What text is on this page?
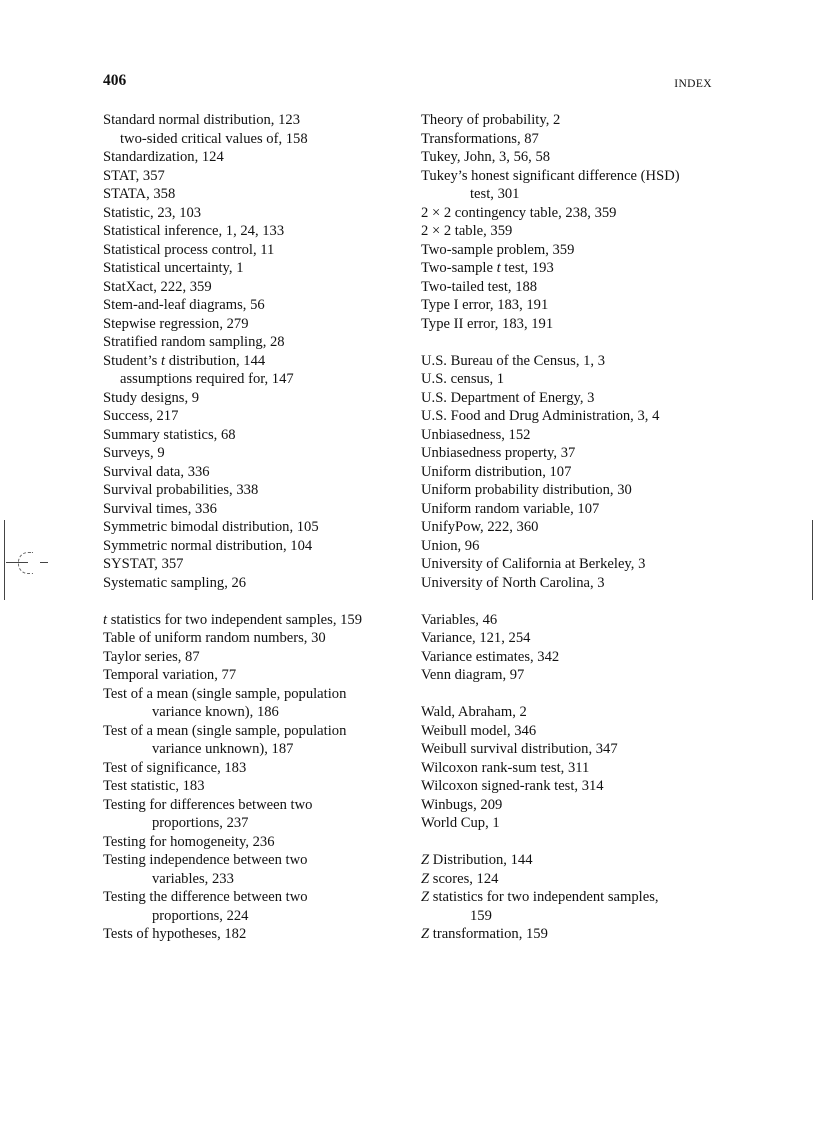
406	INDEX
Standard normal distribution, 123
two-sided critical values of, 158
Standardization, 124
STAT, 357
STATA, 358
Statistic, 23, 103
Statistical inference, 1, 24, 133
Statistical process control, 11
Statistical uncertainty, 1
StatXact, 222, 359
Stem-and-leaf diagrams, 56
Stepwise regression, 279
Stratified random sampling, 28
Student’s t distribution, 144
assumptions required for, 147
Study designs, 9
Success, 217
Summary statistics, 68
Surveys, 9
Survival data, 336
Survival probabilities, 338
Survival times, 336
Symmetric bimodal distribution, 105
Symmetric normal distribution, 104
SYSTAT, 357
Systematic sampling, 26
t statistics for two independent samples, 159
Table of uniform random numbers, 30
Taylor series, 87
Temporal variation, 77
Test of a mean (single sample, population
variance known), 186
Test of a mean (single sample, population
variance unknown), 187
Test of significance, 183
Test statistic, 183
Testing for differences between two
proportions, 237
Testing for homogeneity, 236
Testing independence between two
variables, 233
Testing the difference between two
proportions, 224
Tests of hypotheses, 182
Theory of probability, 2
Transformations, 87
Tukey, John, 3, 56, 58
Tukey’s honest significant difference (HSD)
test, 301
2 × 2 contingency table, 238, 359
2 × 2 table, 359
Two-sample problem, 359
Two-sample t test, 193
Two-tailed test, 188
Type I error, 183, 191
Type II error, 183, 191
U.S. Bureau of the Census, 1, 3
U.S. census, 1
U.S. Department of Energy, 3
U.S. Food and Drug Administration, 3, 4
Unbiasedness, 152
Unbiasedness property, 37
Uniform distribution, 107
Uniform probability distribution, 30
Uniform random variable, 107
UnifyPow, 222, 360
Union, 96
University of California at Berkeley, 3
University of North Carolina, 3
Variables, 46
Variance, 121, 254
Variance estimates, 342
Venn diagram, 97
Wald, Abraham, 2
Weibull model, 346
Weibull survival distribution, 347
Wilcoxon rank-sum test, 311
Wilcoxon signed-rank test, 314
Winbugs, 209
World Cup, 1
Z Distribution, 144
Z scores, 124
Z statistics for two independent samples,
159
Z transformation, 159
